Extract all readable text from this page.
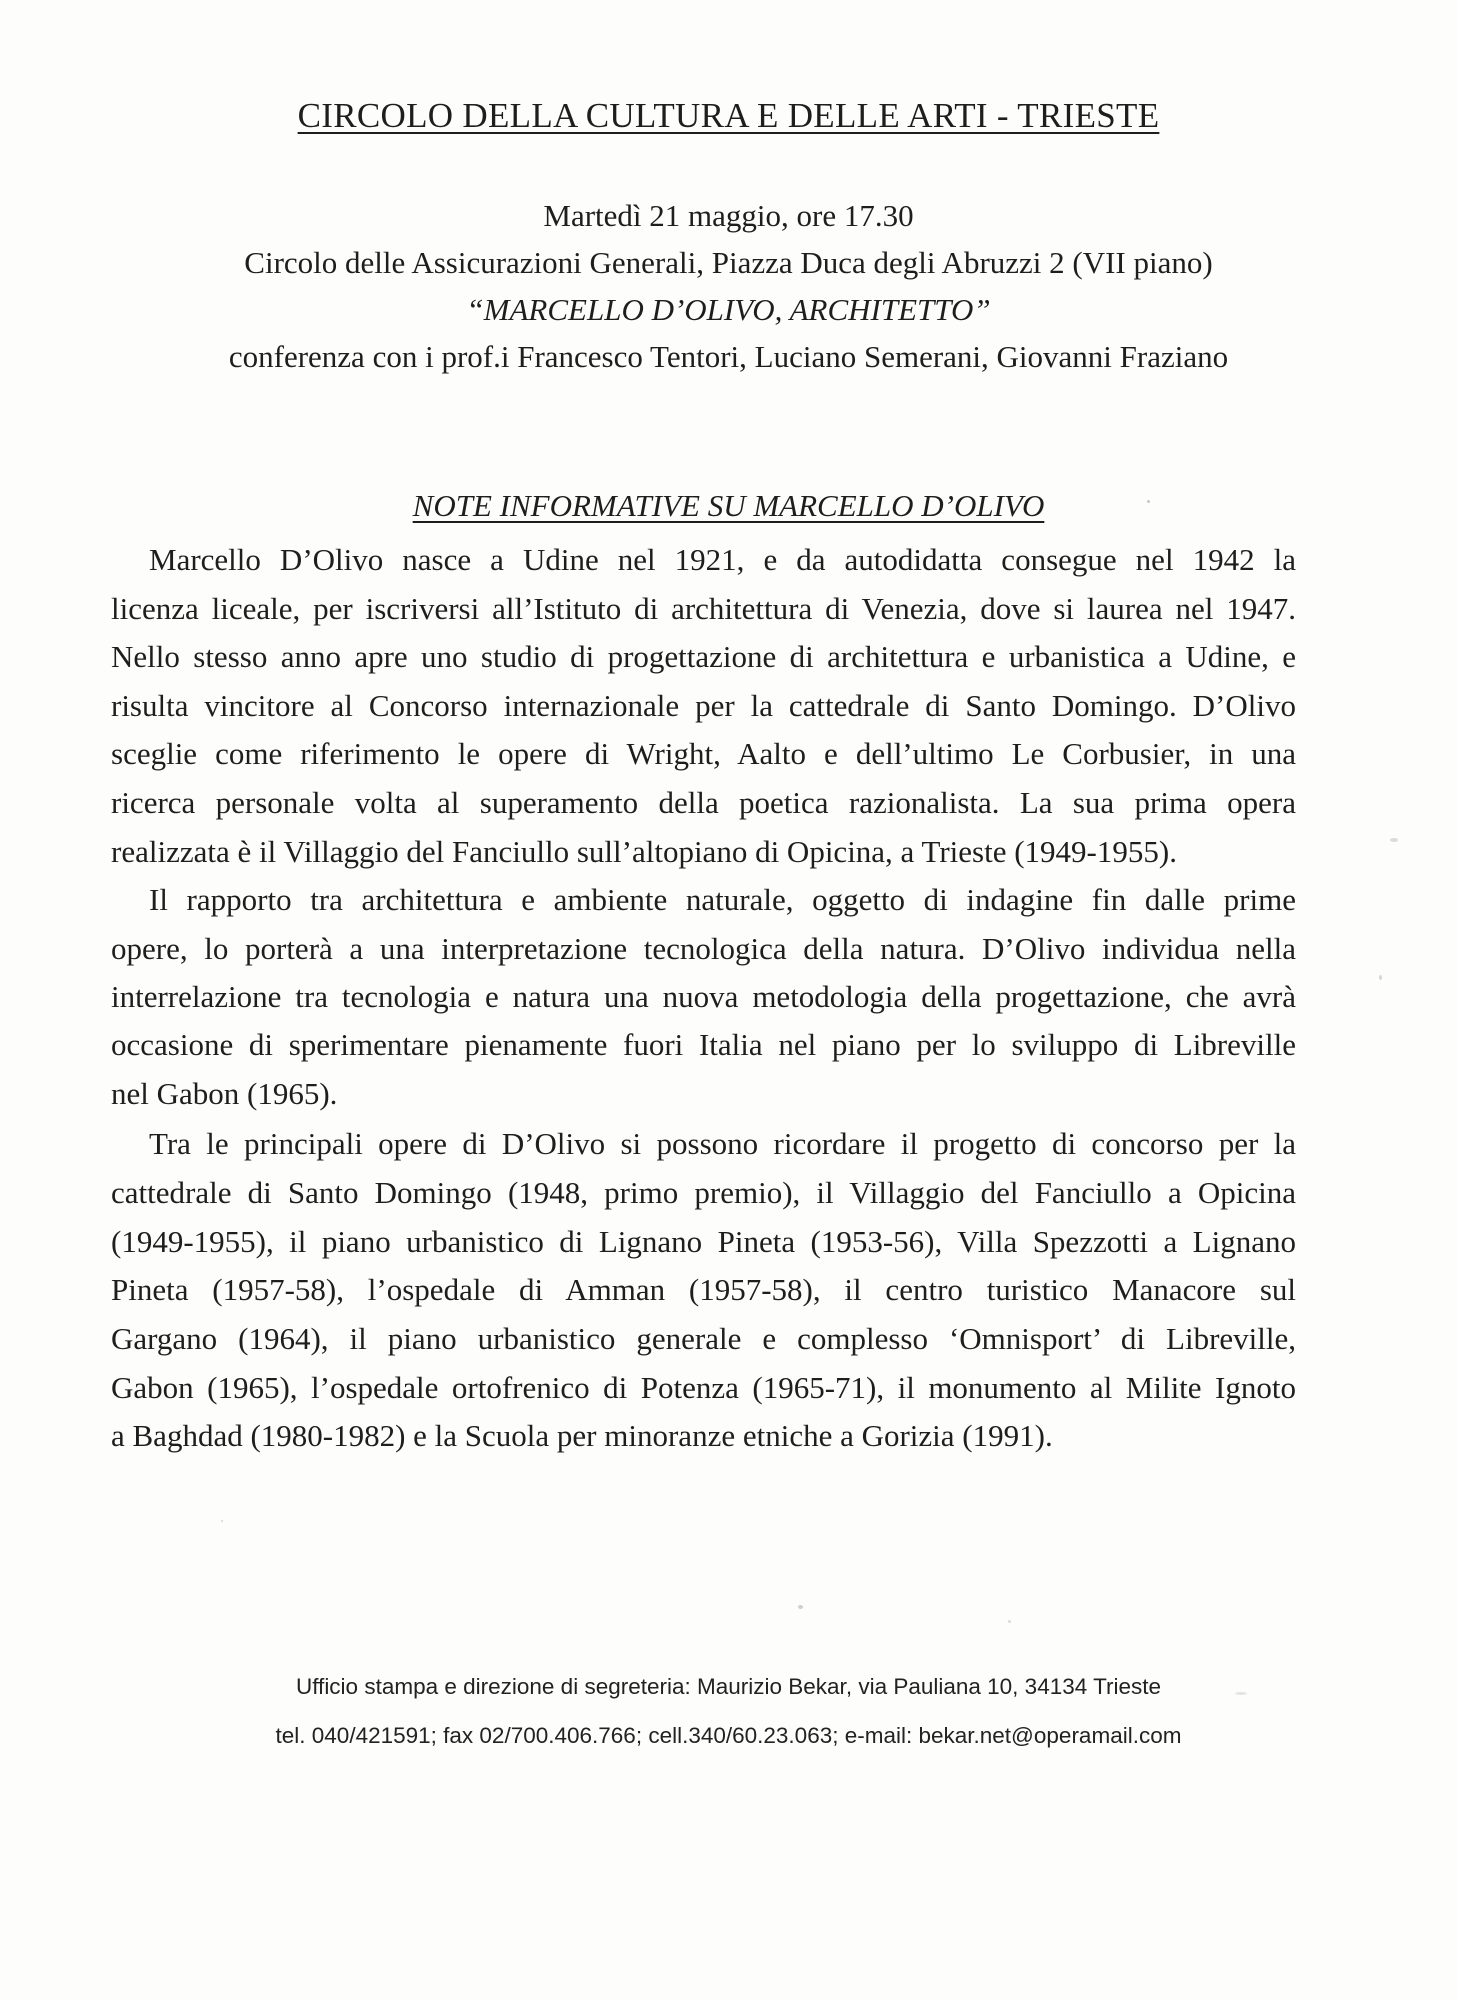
CIRCOLO DELLA CULTURA E DELLE ARTI - TRIESTE
Martedì 21 maggio, ore 17.30
Circolo delle Assicurazioni Generali, Piazza Duca degli Abruzzi 2 (VII piano)
“MARCELLO D’OLIVO, ARCHITETTO”
conferenza con i prof.i Francesco Tentori, Luciano Semerani, Giovanni Fraziano
NOTE INFORMATIVE SU MARCELLO D’OLIVO
Marcello D’Olivo nasce a Udine nel 1921, e da autodidatta consegue nel 1942 la
licenza liceale, per iscriversi all’Istituto di architettura di Venezia, dove si laurea nel 1947.
Nello stesso anno apre uno studio di progettazione di architettura e urbanistica a Udine, e
risulta vincitore al Concorso internazionale per la cattedrale di Santo Domingo. D’Olivo
sceglie come riferimento le opere di Wright, Aalto e dell’ultimo Le Corbusier, in una
ricerca personale volta al superamento della poetica razionalista. La sua prima opera
realizzata è il Villaggio del Fanciullo sull’altopiano di Opicina, a Trieste (1949-1955).
Il rapporto tra architettura e ambiente naturale, oggetto di indagine fin dalle prime
opere, lo porterà a una interpretazione tecnologica della natura. D’Olivo individua nella
interrelazione tra tecnologia e natura una nuova metodologia della progettazione, che avrà
occasione di sperimentare pienamente fuori Italia nel piano per lo sviluppo di Libreville
nel Gabon (1965).
Tra le principali opere di D’Olivo si possono ricordare il progetto di concorso per la
cattedrale di Santo Domingo (1948, primo premio), il Villaggio del Fanciullo a Opicina
(1949-1955), il piano urbanistico di Lignano Pineta (1953-56), Villa Spezzotti a Lignano
Pineta (1957-58), l’ospedale di Amman (1957-58), il centro turistico Manacore sul
Gargano (1964), il piano urbanistico generale e complesso ‘Omnisport’ di Libreville,
Gabon (1965), l’ospedale ortofrenico di Potenza (1965-71), il monumento al Milite Ignoto
a Baghdad (1980-1982) e la Scuola per minoranze etniche a Gorizia (1991).
Ufficio stampa e direzione di segreteria: Maurizio Bekar, via Pauliana 10, 34134 Trieste
tel. 040/421591; fax 02/700.406.766; cell.340/60.23.063; e-mail: bekar.net@operamail.com
